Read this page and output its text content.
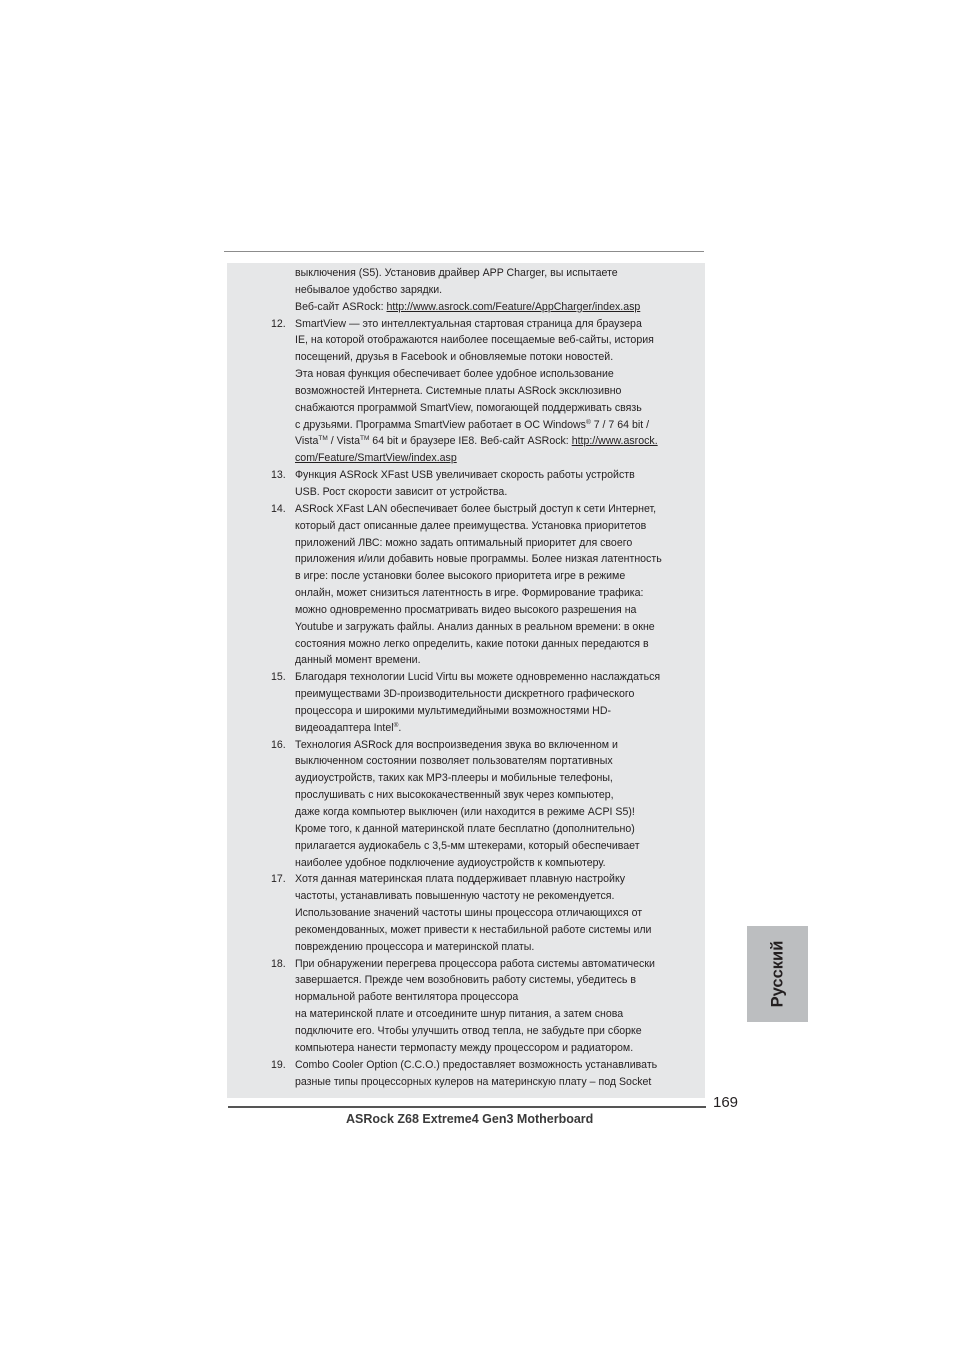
выключения (S5). Установив драйвер APP Charger, вы испытаете
небывалое удобство зарядки.
Веб-сайт ASRock: http://www.asrock.com/Feature/AppCharger/index.asp
12. SmartView — это интеллектуальная стартовая страница для браузера
IE, на которой отображаются наиболее посещаемые веб-сайты, история
посещений, друзья в Facebook и обновляемые потоки новостей.
Эта новая функция обеспечивает более удобное использование
возможностей Интернета. Системные платы ASRock эксклюзивно
снабжаются программой SmartView, помогающей поддерживать связь
с друзьями. Программа SmartView работает в ОС Windows® 7 / 7 64 bit /
Vista™ / Vista™ 64 bit и браузере IE8. Веб-сайт ASRock: http://www.asrock.
com/Feature/SmartView/index.asp
13. Функция ASRock XFast USB увеличивает скорость работы устройств
USB. Рост скорости зависит от устройства.
14. ASRock XFast LAN обеспечивает более быстрый доступ к сети Интернет,
который даст описанные далее преимущества. Установка приоритетов
приложений ЛВС: можно задать оптимальный приоритет для своего
приложения и/или добавить новые программы. Более низкая латентность
в игре: после установки более высокого приоритета игре в режиме
онлайн, может снизиться латентность в игре. Формирование трафика:
можно одновременно просматривать видео высокого разрешения на
Youtube и загружать файлы. Анализ данных в реальном времени: в окне
состояния можно легко определить, какие потоки данных передаются в
данный момент времени.
15. Благодаря технологии Lucid Virtu вы можете одновременно наслаждаться
преимуществами 3D-производительности дискретного графического
процессора и широкими мультимедийными возможностями HD-
видеоадаптера Intel®.
16. Технология ASRock для воспроизведения звука во включенном и
выключенном состоянии позволяет пользователям портативных
аудиоустройств, таких как MP3-плееры и мобильные телефоны,
прослушивать с них высококачественный звук через компьютер,
даже когда компьютер выключен (или находится в режиме ACPI S5)!
Кроме того, к данной материнской плате бесплатно (дополнительно)
прилагается аудиокабель с 3,5-мм штекерами, который обеспечивает
наиболее удобное подключение аудиоустройств к компьютеру.
17. Хотя данная материнская плата поддерживает плавную настройку
частоты, устанавливать повышенную частоту не рекомендуется.
Использование значений частоты шины процессора отличающихся от
рекомендованных, может привести к нестабильной работе системы или
повреждению процессора и материнской платы.
18. При обнаружении перегрева процессора работа системы автоматически
завершается. Прежде чем возобновить работу системы, убедитесь в
нормальной работе вентилятора процессора
на материнской плате и отсоедините шнур питания, а затем снова
подключите его. Чтобы улучшить отвод тепла, не забудьте при сборке
компьютера нанести термопасту между процессором и радиатором.
19. Combo Cooler Option (C.C.O.) предоставляет возможность устанавливать
разные типы процессорных кулеров на материнскую плату – под Socket
169
ASRock Z68 Extreme4 Gen3 Motherboard
Русский
